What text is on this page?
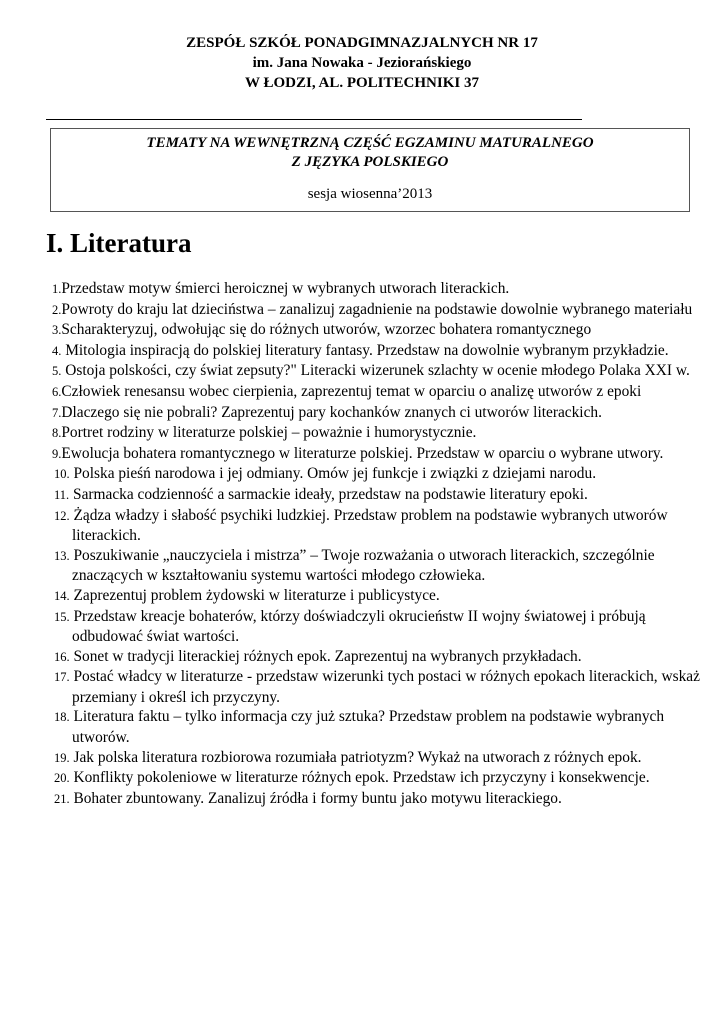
ZESPÓŁ SZKÓŁ PONADGIMNAZJALNYCH NR 17
im. Jana Nowaka - Jeziorańskiego
W ŁODZI, AL. POLITECHNIKI 37
TEMATY NA WEWNĘTRZNĄ CZĘŚĆ EGZAMINU MATURALNEGO
Z JĘZYKA POLSKIEGO
sesja wiosenna’2013
I. Literatura
1.Przedstaw motyw śmierci heroicznej w wybranych utworach literackich.
2.Powroty do kraju lat dzieciństwa – zanalizuj zagadnienie na podstawie dowolnie wybranego materiału
3.Scharakteryzuj, odwołując się do różnych utworów, wzorzec bohatera romantycznego
4. Mitologia inspiracją do polskiej literatury fantasy. Przedstaw na dowolnie wybranym przykładzie.
5. Ostoja polskości, czy świat zepsuty?" Literacki wizerunek szlachty w ocenie młodego Polaka XXI w.
6.Człowiek renesansu wobec cierpienia, zaprezentuj temat w oparciu o analizę utworów z epoki
7.Dlaczego się nie pobrali? Zaprezentuj pary kochanków znanych ci utworów literackich.
8.Portret rodziny w literaturze polskiej – poważnie i humorystycznie.
9.Ewolucja bohatera romantycznego w literaturze polskiej. Przedstaw w oparciu o wybrane utwory.
10. Polska pieśń narodowa i jej odmiany. Omów jej funkcje i związki z dziejami narodu.
11. Sarmacka codzienność a sarmackie ideały, przedstaw na podstawie literatury epoki.
12. Żądza władzy i słabość psychiki ludzkiej. Przedstaw problem na podstawie wybranych utworów literackich.
13. Poszukiwanie „nauczyciela i mistrza” – Twoje rozważania o utworach literackich, szczególnie znaczących w kształtowaniu systemu wartości młodego człowieka.
14. Zaprezentuj problem żydowski w literaturze i publicystyce.
15. Przedstaw kreacje bohaterów, którzy doświadczyli okrucieństw II wojny światowej i próbują odbudować świat wartości.
16. Sonet w tradycji literackiej różnych epok. Zaprezentuj na wybranych przykładach.
17. Postać władcy w literaturze - przedstaw wizerunki tych postaci w różnych epokach literackich, wskaż przemiany i określ ich przyczyny.
18. Literatura faktu – tylko informacja czy już sztuka? Przedstaw problem na podstawie wybranych utworów.
19. Jak polska literatura rozbiorowa rozumiała patriotyzm? Wykaż na utworach z różnych epok.
20. Konflikty pokoleniowe w literaturze różnych epok. Przedstaw ich przyczyny i konsekwencje.
21. Bohater zbuntowany. Zanalizuj źródła i formy buntu jako motywu literackiego.
